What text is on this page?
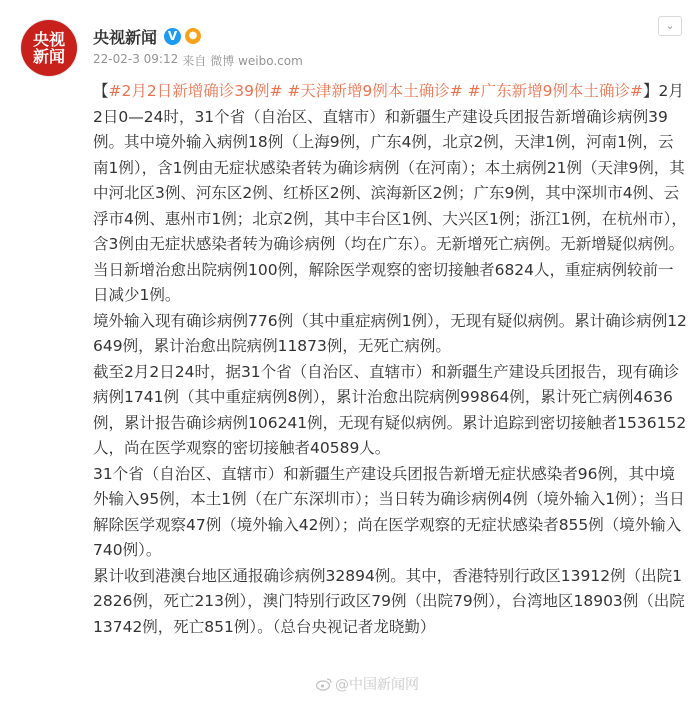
央视
新闻
央视新闻 V	●
22-02-3 09:12 来自 微博 weibo.com
⌄

【#2月2日新增确诊39例# #天津新增9例本土确诊# #广东新增9例本土确诊#】2月2日0—24时，31个省（自治区、直辖市）和新疆生产建设兵团报告新增确诊病例39例。其中境外输入病例18例（上海9例，广东4例，北京2例，天津1例，河南1例，云南1例），含1例由无症状感染者转为确诊病例（在河南）；本土病例21例（天津9例，其中河北区3例、河东区2例、红桥区2例、滨海新区2例；广东9例，其中深圳市4例、云浮市4例、惠州市1例；北京2例，其中丰台区1例、大兴区1例；浙江1例，在杭州市），含3例由无症状感染者转为确诊病例（均在广东）。无新增死亡病例。无新增疑似病例。

当日新增治愈出院病例100例，解除医学观察的密切接触者6824人，重症病例较前一日减少1例。

境外输入现有确诊病例776例（其中重症病例1例），无现有疑似病例。累计确诊病例12649例，累计治愈出院病例11873例，无死亡病例。

截至2月2日24时，据31个省（自治区、直辖市）和新疆生产建设兵团报告，现有确诊病例1741例（其中重症病例8例），累计治愈出院病例99864例，累计死亡病例4636例，累计报告确诊病例106241例，无现有疑似病例。累计追踪到密切接触者1536152人，尚在医学观察的密切接触者40589人。

31个省（自治区、直辖市）和新疆生产建设兵团报告新增无症状感染者96例，其中境外输入95例，本土1例（在广东深圳市）；当日转为确诊病例4例（境外输入1例）；当日解除医学观察47例（境外输入42例）；尚在医学观察的无症状感染者855例（境外输入740例）。

累计收到港澳台地区通报确诊病例32894例。其中，香港特别行政区13912例（出院12826例，死亡213例），澳门特别行政区79例（出院79例），台湾地区18903例（出院13742例，死亡851例）。（总台央视记者龙晓勤）

@中国新闻网
